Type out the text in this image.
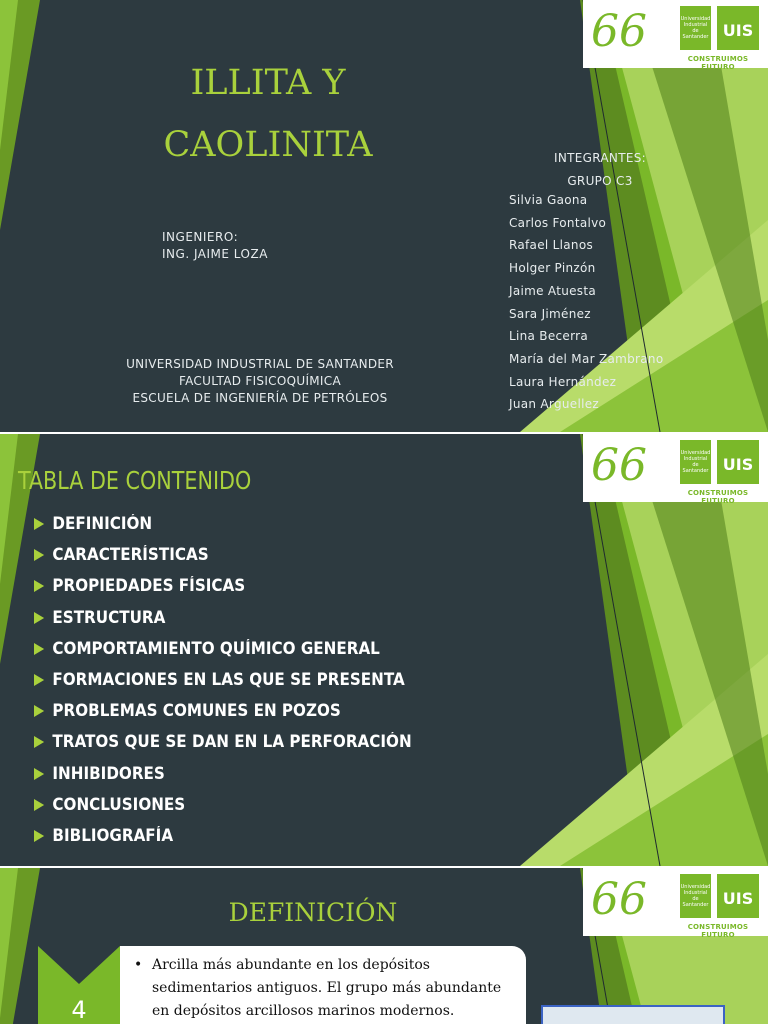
66	Universidad Industrial de Santander UIS
CONSTRUIMOS FUTURO
ILLITA Y
CAOLINITA
INGENIERO:
ING. JAIME LOZA
UNIVERSIDAD INDUSTRIAL DE SANTANDER
FACULTAD FISICOQUÍMICA
ESCUELA DE INGENIERÍA DE PETRÓLEOS
INTEGRANTES:
GRUPO C3
Silvia Gaona
Carlos Fontalvo
Rafael Llanos
Holger Pinzón
Jaime Atuesta
Sara Jiménez
Lina Becerra
María del Mar Zambrano
Laura Hernández
Juan Arguellez
66	Universidad Industrial de Santander UIS
CONSTRUIMOS FUTURO
TABLA DE CONTENIDO
DEFINICIÓN
CARACTERÍSTICAS
PROPIEDADES FÍSICAS
ESTRUCTURA
COMPORTAMIENTO QUÍMICO GENERAL
FORMACIONES EN LAS QUE SE PRESENTA
PROBLEMAS COMUNES EN POZOS
TRATOS QUE SE DAN EN LA PERFORACIÓN
INHIBIDORES
CONCLUSIONES
BIBLIOGRAFÍA
66	Universidad Industrial de Santander UIS
CONSTRUIMOS FUTURO
DEFINICIÓN
4
• Arcilla más abundante en los depósitos sedimentarios antiguos. El grupo más abundante en depósitos arcillosos marinos modernos.
